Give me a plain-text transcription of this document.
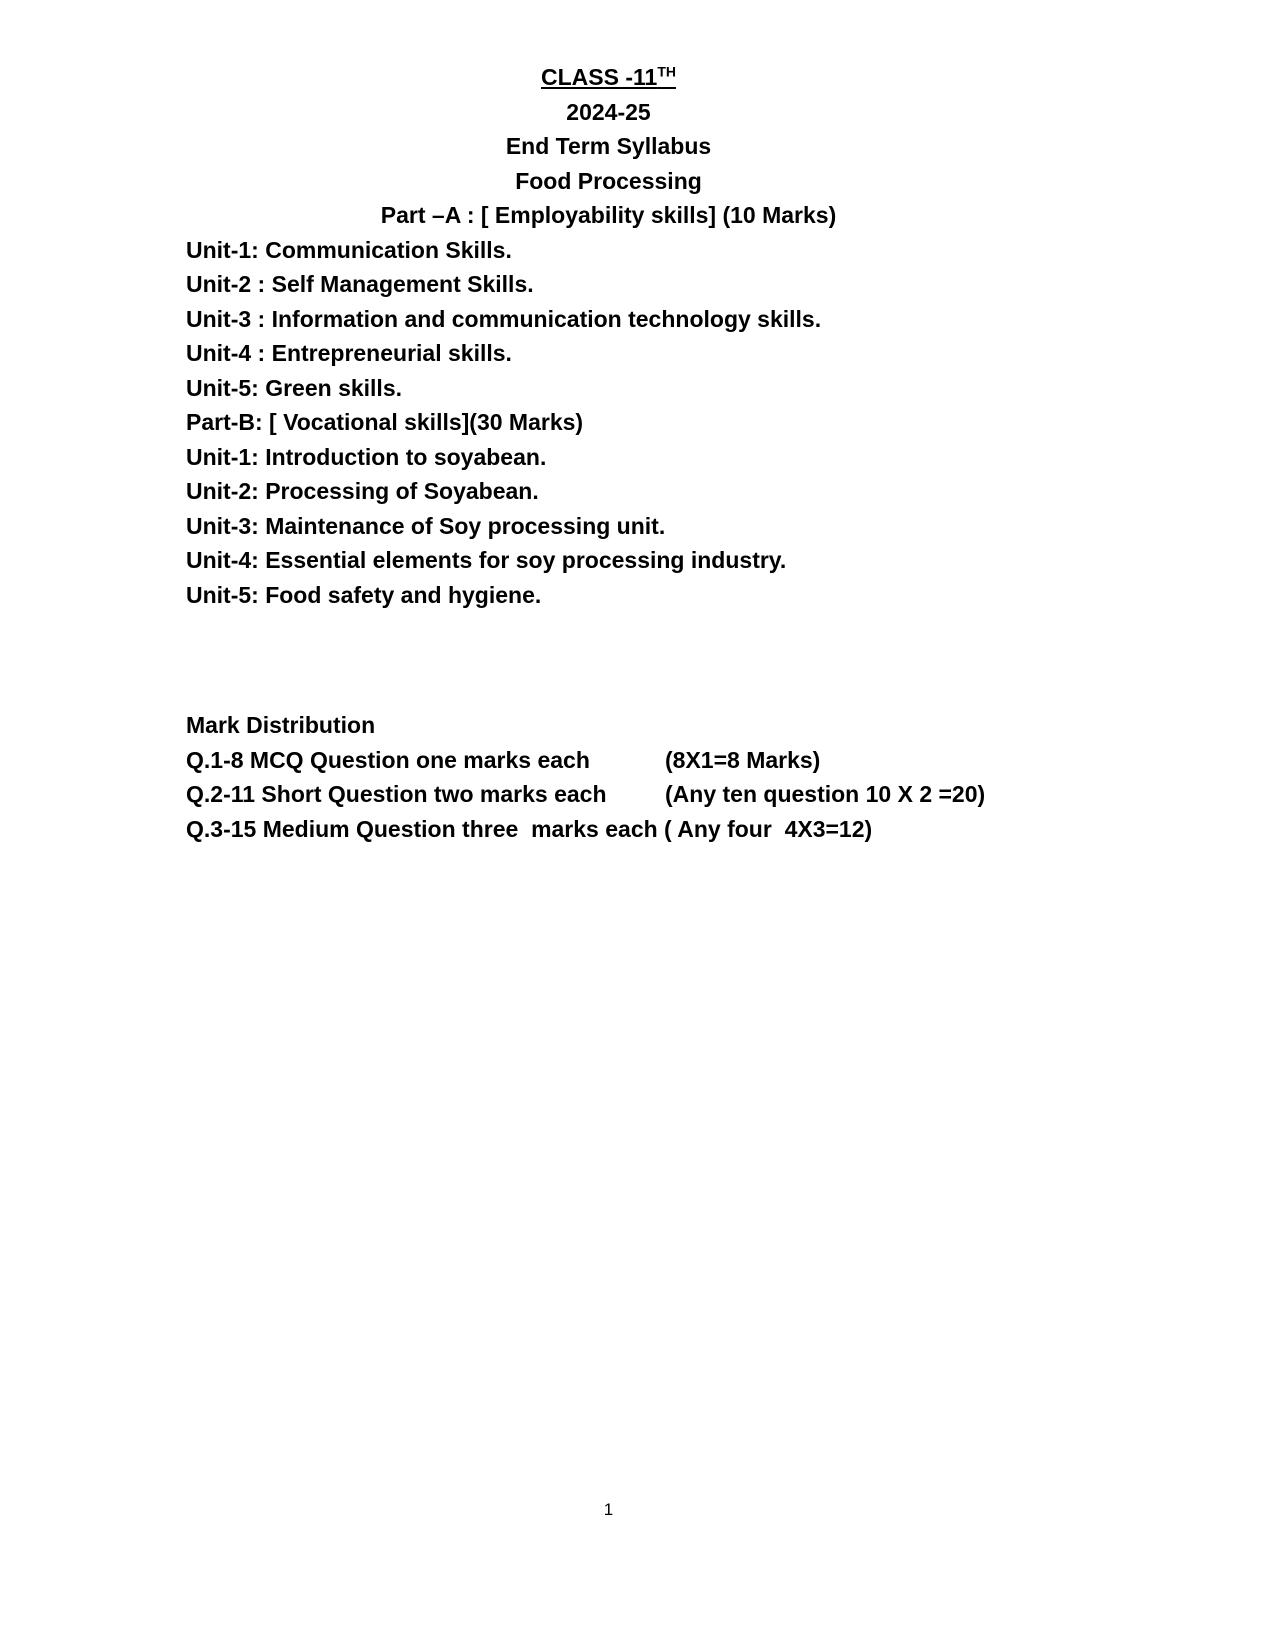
CLASS -11TH
2024-25
End Term Syllabus
Food Processing
Part –A : [ Employability skills] (10 Marks)
Unit-1: Communication Skills.
Unit-2 : Self Management Skills.
Unit-3 : Information and communication technology skills.
Unit-4 : Entrepreneurial skills.
Unit-5: Green skills.
Part-B: [ Vocational skills](30 Marks)
Unit-1: Introduction to soyabean.
Unit-2: Processing of Soyabean.
Unit-3: Maintenance of Soy processing unit.
Unit-4: Essential elements for soy processing industry.
Unit-5: Food safety and hygiene.
Mark Distribution
Q.1-8 MCQ Question one marks each	(8X1=8 Marks)
Q.2-11 Short Question two marks each	(Any ten question 10 X 2 =20)
Q.3-15 Medium Question three  marks each ( Any four  4X3=12)
1
